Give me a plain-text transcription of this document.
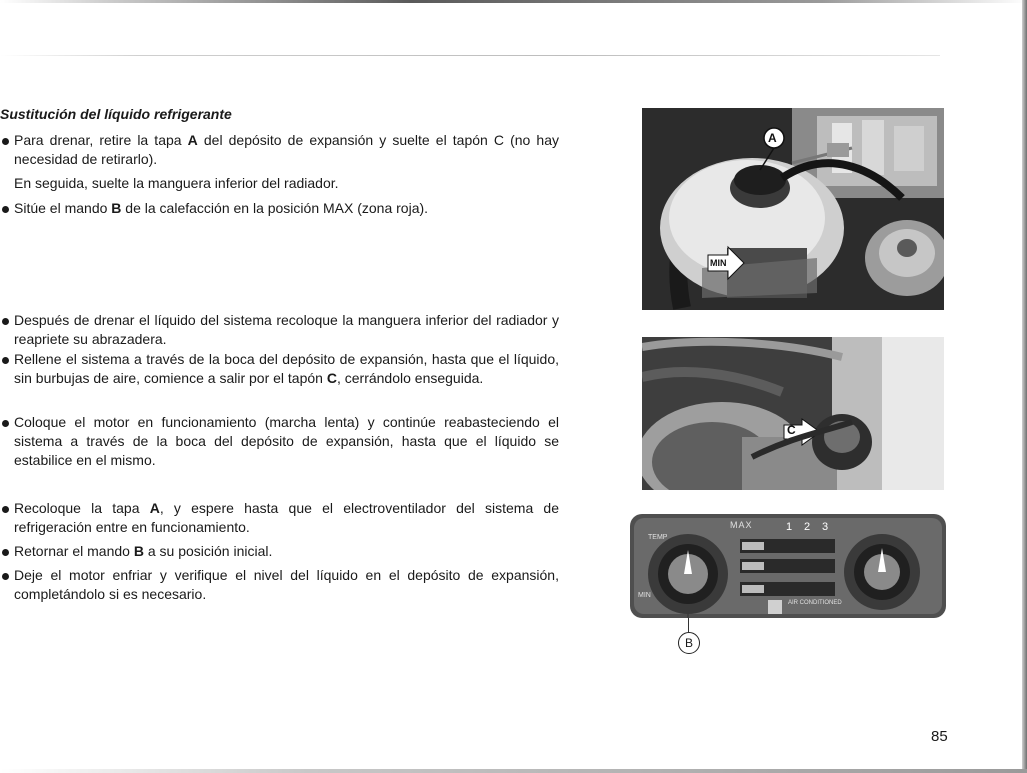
Sustitución del líquido refrigerante
Para drenar, retire la tapa A del depósito de expansión y suelte el tapón C (no hay necesidad de retirarlo).
En seguida, suelte la manguera inferior del radiador.
Sitúe el mando B de la calefacción en la posición MAX (zona roja).
Después de drenar el líquido del sistema recoloque la manguera inferior del radiador y reapriete su abrazadera.
Rellene el sistema a través de la boca del depósito de expansión, hasta que el líquido, sin burbujas de aire, comience a salir por el tapón C, cerrándolo enseguida.
Coloque el motor en funcionamiento (marcha lenta) y continúe reabasteciendo el sistema a través de la boca del depósito de expansión, hasta que el líquido se estabilice en el mismo.
Recoloque la tapa A, y espere hasta que el electroventilador del sistema de refrigeración entre en funcionamiento.
Retornar el mando B a su posición inicial.
Deje el motor enfriar y verifique el nivel del líquido en el depósito de expansión, completándolo si es necesario.
MIN
A
C
MAX	1 2 3
TEMP
MIN
AIR CONDITIONED
B
85
